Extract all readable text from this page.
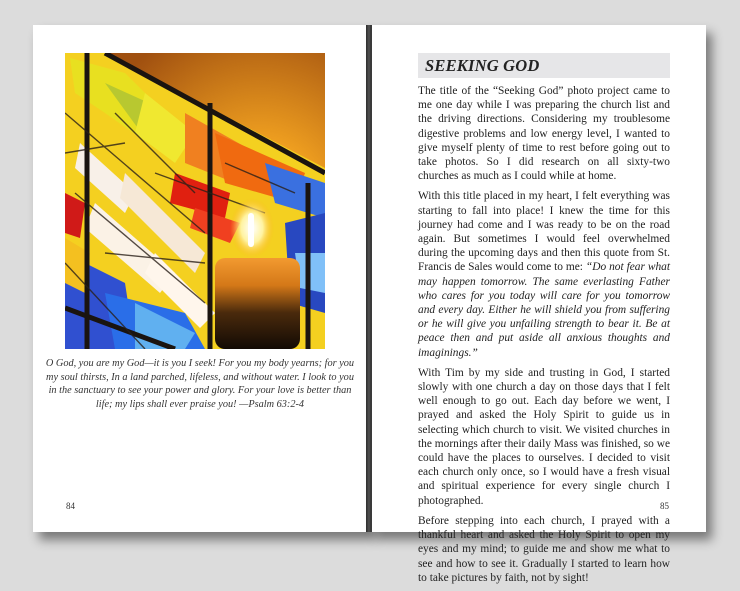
O God, you are my God—it is you I seek! For you my body yearns; for you my soul thirsts, In a land parched, lifeless, and without water. I look to you in the sanctuary to see your power and glory. For your love is better than life; my lips shall ever praise you! —Psalm 63:2-4
84
SEEKING GOD

The title of the “Seeking God” photo project came to me one day while I was preparing the church list and the driving directions. Considering my troublesome digestive problems and low energy level, I wanted to give myself plenty of time to rest before going out to take photos. So I did research on all sixty-two churches as much as I could while at home.

With this title placed in my heart, I felt everything was starting to fall into place! I knew the time for this journey had come and I was ready to be on the road again. But sometimes I would feel overwhelmed during the upcoming days and then this quote from St. Francis de Sales would come to me: “Do not fear what may happen tomorrow. The same everlasting Father who cares for you today will care for you tomorrow and every day. Either he will shield you from suffering or he will give you unfailing strength to bear it. Be at peace then and put aside all anxious thoughts and imaginings.”

With Tim by my side and trusting in God, I started slowly with one church a day on those days that I felt well enough to go out. Each day before we went, I prayed and asked the Holy Spirit to guide us in selecting which church to visit. We visited churches in the mornings after their daily Mass was finished, so we could have the places to ourselves. I decided to visit each church only once, so I would have a fresh visual and spiritual experience for every single church I photographed.

Before stepping into each church, I prayed with a thankful heart and asked the Holy Spirit to open my eyes and my mind; to guide me and show me what to see and how to see it. Gradually I started to learn how to take pictures by faith, not by sight!

85
